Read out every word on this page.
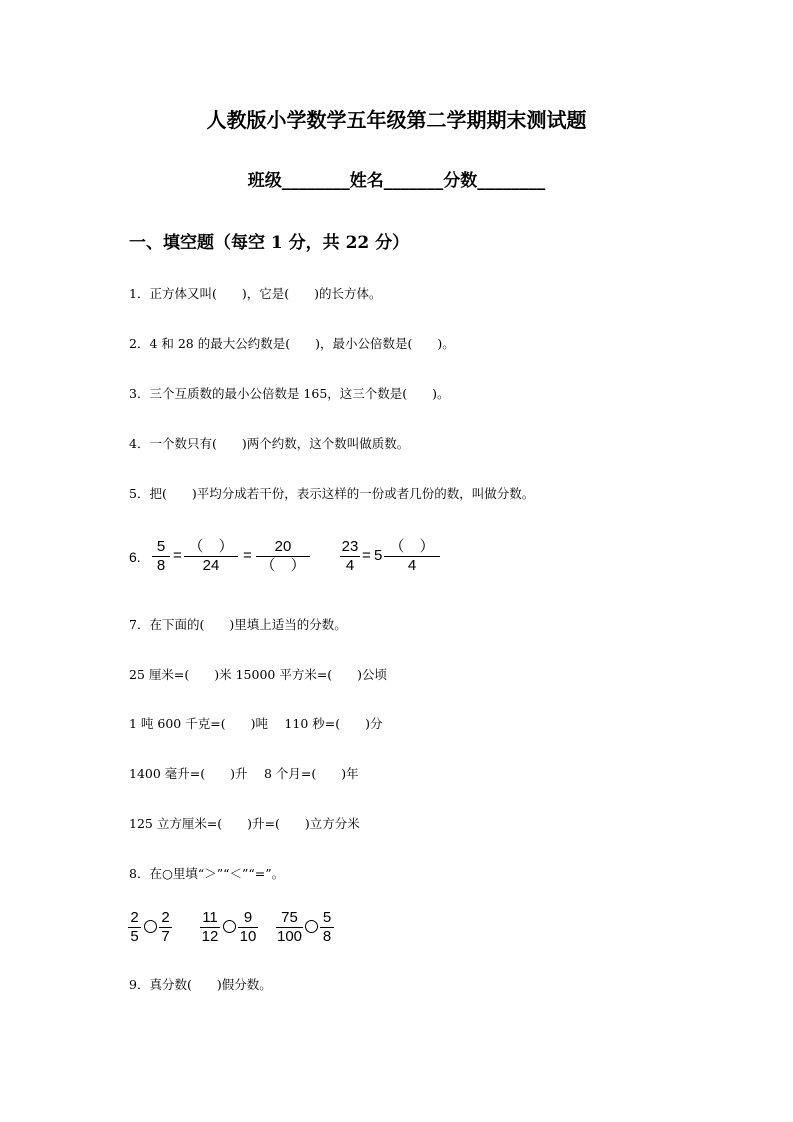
人教版小学数学五年级第二学期期末测试题
班级________姓名_______分数________
一、填空题（每空 1 分，共 22 分）
1．正方体又叫(　　)，它是(　　)的长方体。
2．4 和 28 的最大公约数是(　　)，最小公倍数是(　　)。
3．三个互质数的最小公倍数是 165，这三个数是(　　)。
4．一个数只有(　　)两个约数，这个数叫做质数。
5．把(　　)平均分成若干份，表示这样的一份或者几份的数，叫做分数。
6.
5
8
=
（　）
24
=
20
（　）
23
4
= 5
（　）
4
7．在下面的(　　)里填上适当的分数。
25 厘米=(　　)米 15000 平方米=(　　)公顷
1 吨 600 千克=(　　)吨　 110 秒=(　　)分
1400 毫升=(　　)升　 8 个月=(　　)年
125 立方厘米=(　　)升=(　　)立方分米
8．在○里填“＞”“＜”“=”。
2
5
2
7
11
12
9
10
75
100
5
8
9．真分数(　　)假分数。
